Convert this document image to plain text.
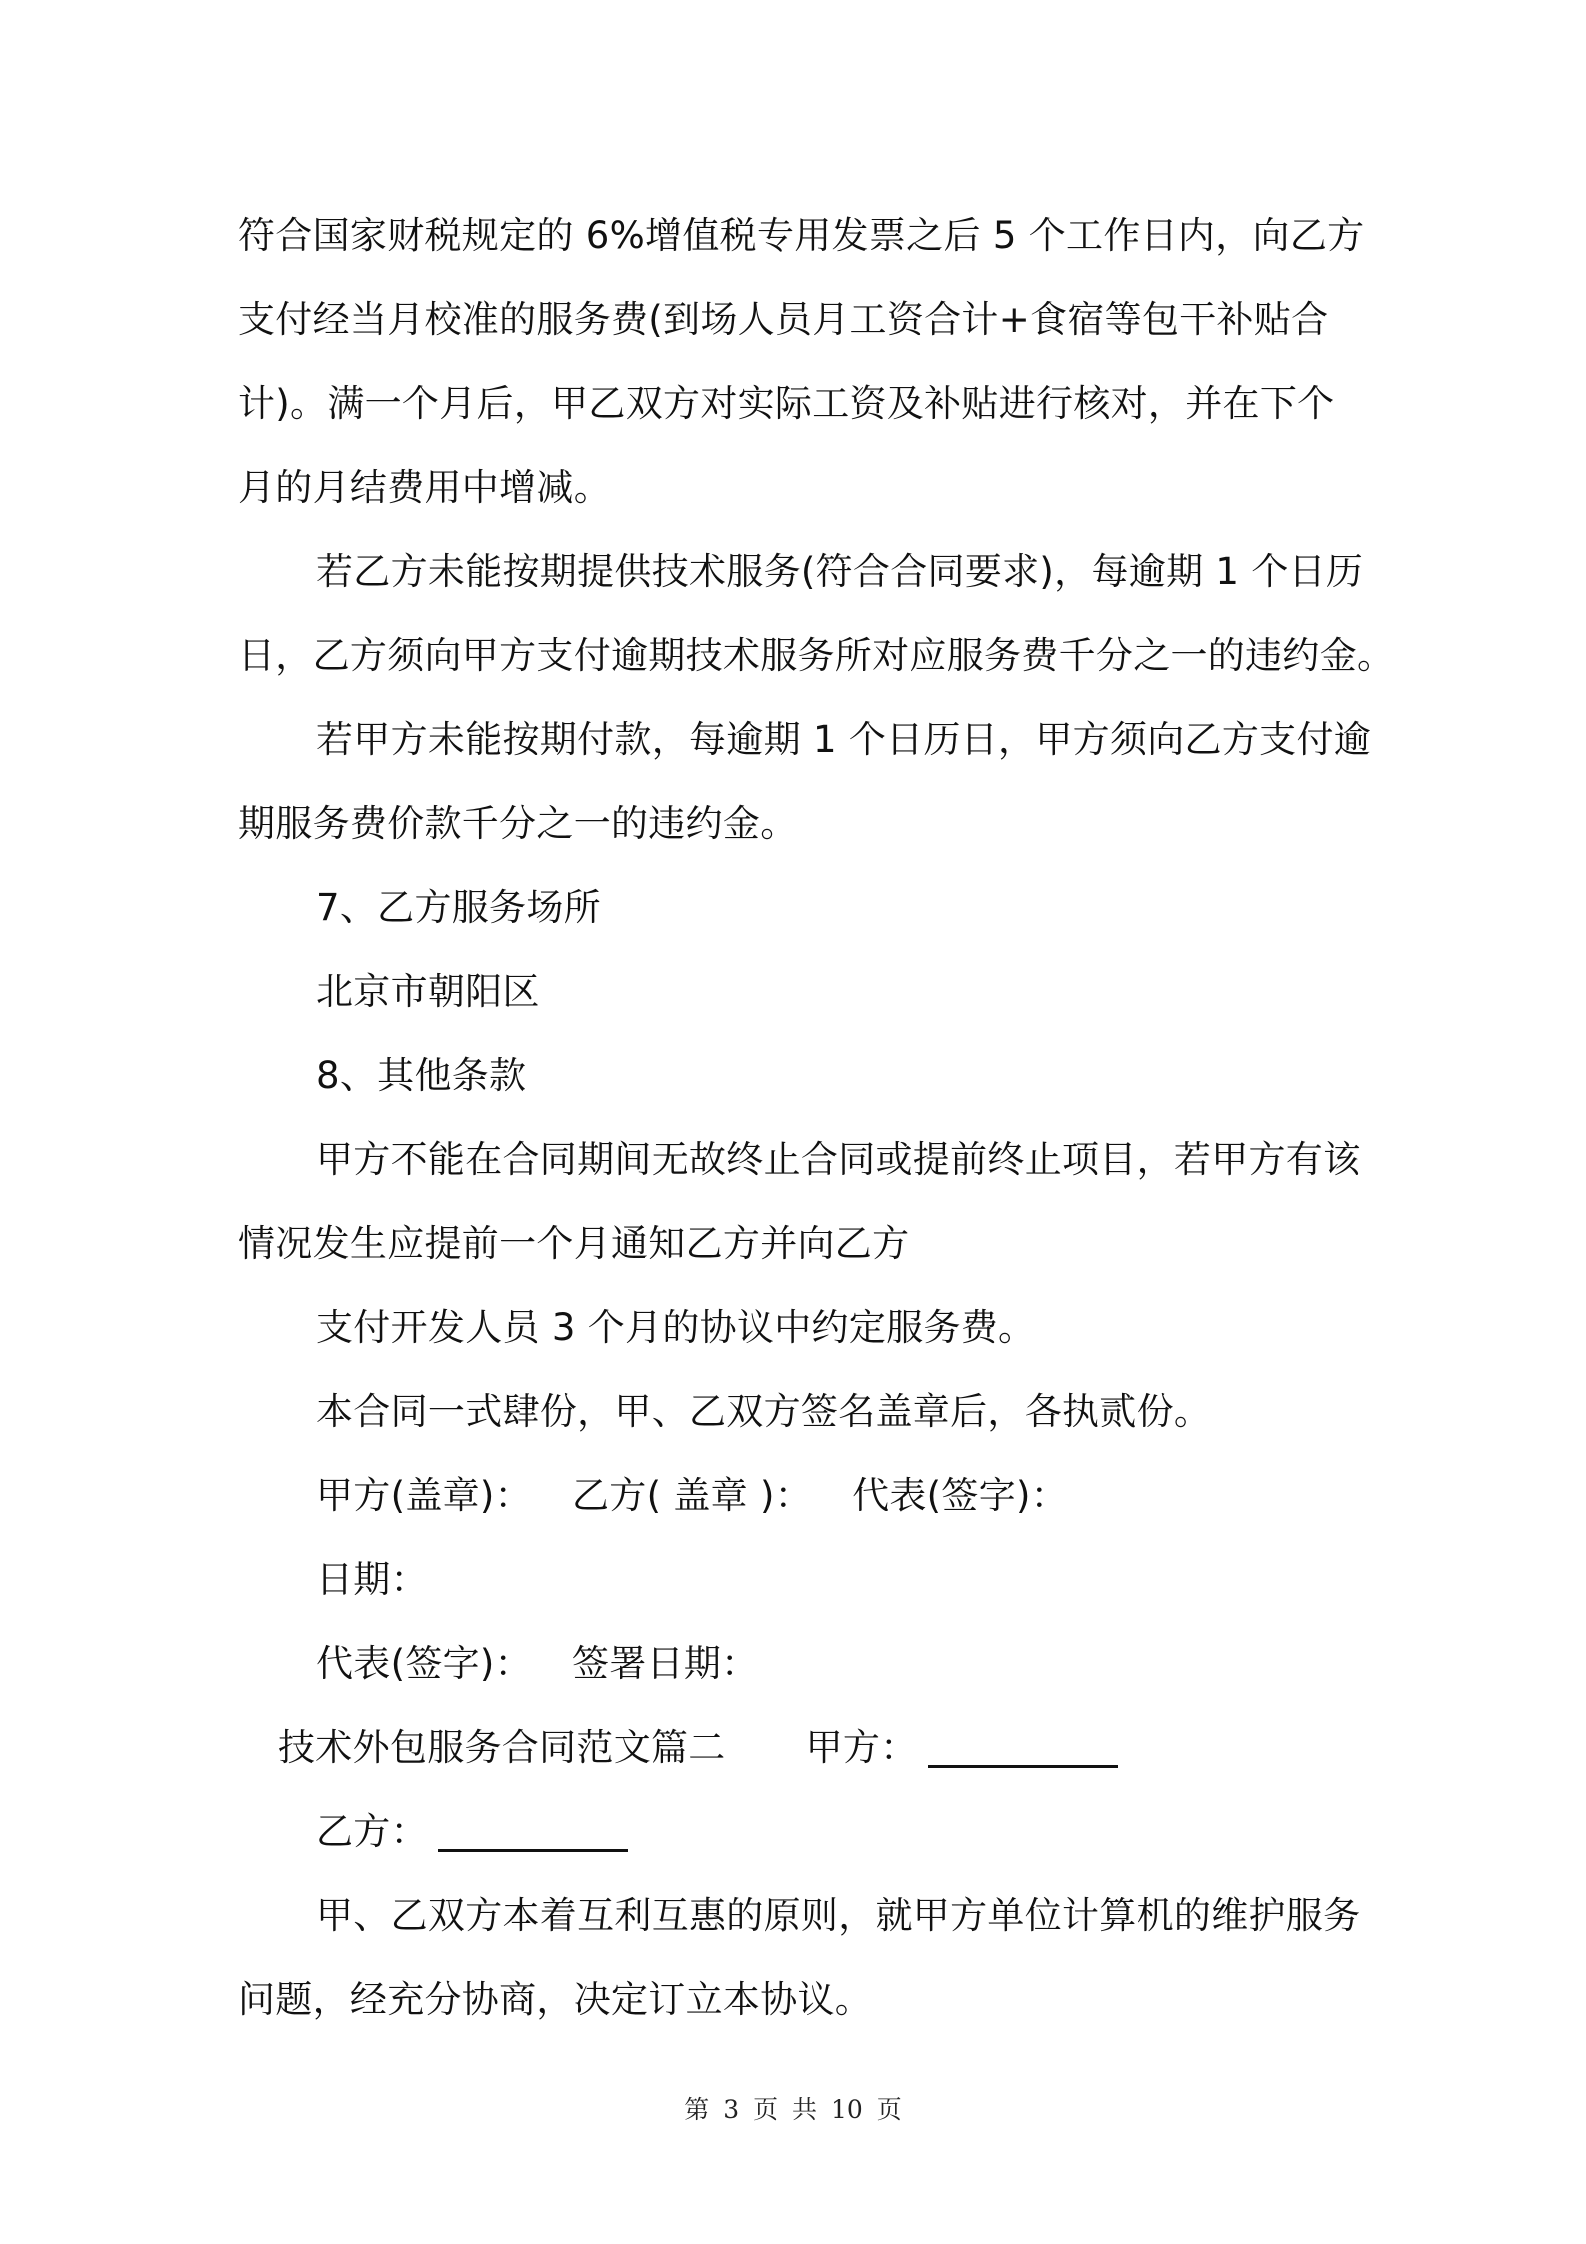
符合国家财税规定的 6%增值税专用发票之后 5 个工作日内，向乙方
支付经当月校准的服务费(到场人员月工资合计+食宿等包干补贴合
计)。满一个月后，甲乙双方对实际工资及补贴进行核对，并在下个
月的月结费用中增减。
若乙方未能按期提供技术服务(符合合同要求)，每逾期 1 个日历
日，乙方须向甲方支付逾期技术服务所对应服务费千分之一的违约金。
若甲方未能按期付款，每逾期 1 个日历日，甲方须向乙方支付逾
期服务费价款千分之一的违约金。
7、乙方服务场所
北京市朝阳区
8、其他条款
甲方不能在合同期间无故终止合同或提前终止项目，若甲方有该
情况发生应提前一个月通知乙方并向乙方
支付开发人员 3 个月的协议中约定服务费。
本合同一式肆份，甲、乙双方签名盖章后，各执贰份。
甲方(盖章)： 乙方( 盖章 )： 代表(签字)：
日期：
代表(签字)： 签署日期：
技术外包服务合同范文篇二 甲方：
乙方：
甲、乙双方本着互利互惠的原则，就甲方单位计算机的维护服务
问题，经充分协商，决定订立本协议。
第 3 页 共 10 页
